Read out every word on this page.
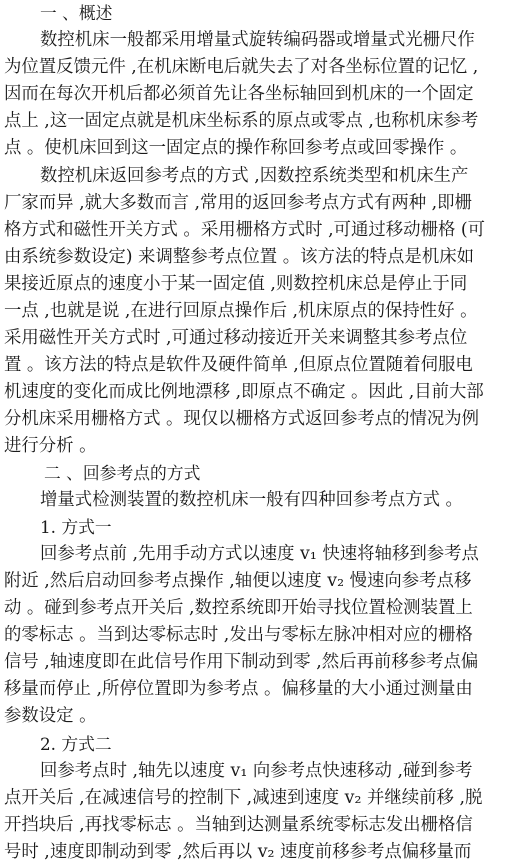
一 、概述
数控机床一般都采用增量式旋转编码器或增量式光栅尺作
为位置反馈元件 ,在机床断电后就失去了对各坐标位置的记忆 ,
因而在每次开机后都必须首先让各坐标轴回到机床的一个固定
点上 ,这一固定点就是机床坐标系的原点或零点 ,也称机床参考
点 。使机床回到这一固定点的操作称回参考点或回零操作 。
数控机床返回参考点的方式 ,因数控系统类型和机床生产
厂家而异 ,就大多数而言 ,常用的返回参考点方式有两种 ,即栅
格方式和磁性开关方式 。采用栅格方式时 ,可通过移动栅格 (可
由系统参数设定) 来调整参考点位置 。该方法的特点是机床如
果接近原点的速度小于某一固定值 ,则数控机床总是停止于同
一点 ,也就是说 ,在进行回原点操作后 ,机床原点的保持性好 。
采用磁性开关方式时 ,可通过移动接近开关来调整其参考点位
置 。该方法的特点是软件及硬件简单 ,但原点位置随着伺服电
机速度的变化而成比例地漂移 ,即原点不确定 。因此 ,目前大部
分机床采用栅格方式 。现仅以栅格方式返回参考点的情况为例
进行分析 。
二 、回参考点的方式
增量式检测装置的数控机床一般有四种回参考点方式 。
1. 方式一
回参考点前 ,先用手动方式以速度 v₁ 快速将轴移到参考点
附近 ,然后启动回参考点操作 ,轴便以速度 v₂ 慢速向参考点移
动 。碰到参考点开关后 ,数控系统即开始寻找位置检测装置上
的零标志 。当到达零标志时 ,发出与零标左脉冲相对应的栅格
信号 ,轴速度即在此信号作用下制动到零 ,然后再前移参考点偏
移量而停止 ,所停位置即为参考点 。偏移量的大小通过测量由
参数设定 。
2. 方式二
回参考点时 ,轴先以速度 v₁ 向参考点快速移动 ,碰到参考
点开关后 ,在减速信号的控制下 ,减速到速度 v₂ 并继续前移 ,脱
开挡块后 ,再找零标志 。当轴到达测量系统零标志发出栅格信
号时 ,速度即制动到零 ,然后再以 v₂ 速度前移参考点偏移量而
